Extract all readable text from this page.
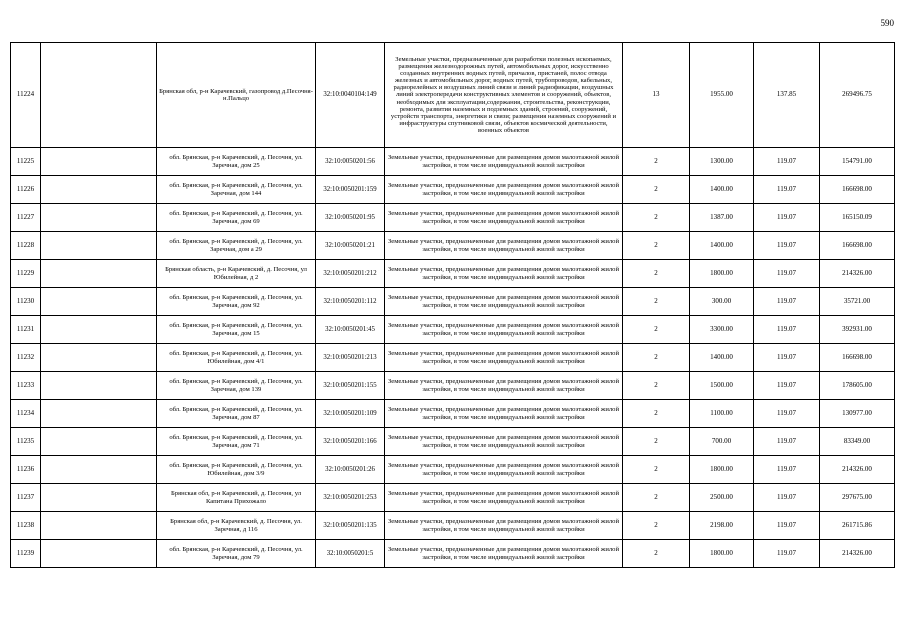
590
11224		Брянская обл, р-н Карачевский, газопровод д.Песочня- н.Пальцо	32:10:0040104:149	Земельные участки, предназначенные для разработки полезных ископаемых, размещения железнодорожных путей, автомобильных дорог, искусственно созданных внутренних водных путей, причалов, пристаней, полос отвода железных и автомобильных дорог, водных путей, трубопроводов, кабельных, радиорелейных и воздушных линий связи и линий радиофикации, воздушных линий электропередачи конструктивных элементов и сооружений, объектов, необходимых для эксплуатации,содержания, строительства, реконструкции, ремонта, развития наземных и подземных зданий, строений, сооружений, устройств транспорта, энергетики и связи; размещения наземных сооружений и инфраструктуры спутниковой связи, объектов космической деятельности, военных объектов	13	1955.00	137.85	269496.75
11225		обл. Брянская, р-н Карачевский, д. Песочня, ул. Заречная, дом 25	32:10:0050201:56	Земельные участки, предназначенные для размещения домов малоэтажной жилой застройки, в том числе индивидуальной жилой застройки	2	1300.00	119.07	154791.00
11226		обл. Брянская, р-н Карачевский, д. Песочня, ул. Заречная, дом 144	32:10:0050201:159	Земельные участки, предназначенные для размещения домов малоэтажной жилой застройки, в том числе индивидуальной жилой застройки	2	1400.00	119.07	166698.00
11227		обл. Брянская, р-н Карачевский, д. Песочня, ул. Заречная, дом 69	32:10:0050201:95	Земельные участки, предназначенные для размещения домов малоэтажной жилой застройки, в том числе индивидуальной жилой застройки	2	1387.00	119.07	165150.09
11228		обл. Брянская, р-н Карачевский, д. Песочня, ул. Заречная, дом а 29	32:10:0050201:21	Земельные участки, предназначенные для размещения домов малоэтажной жилой застройки, в том числе индивидуальной жилой застройки	2	1400.00	119.07	166698.00
11229		Брянская область, р-н Карачевский, д. Песочня, ул Юбилейная, д 2	32:10:0050201:212	Земельные участки, предназначенные для размещения домов малоэтажной жилой застройки, в том числе индивидуальной жилой застройки	2	1800.00	119.07	214326.00
11230		обл. Брянская, р-н Карачевский, д. Песочня, ул. Заречная, дом 92	32:10:0050201:112	Земельные участки, предназначенные для размещения домов малоэтажной жилой застройки, в том числе индивидуальной жилой застройки	2	300.00	119.07	35721.00
11231		обл. Брянская, р-н Карачевский, д. Песочня, ул. Заречная, дом 15	32:10:0050201:45	Земельные участки, предназначенные для размещения домов малоэтажной жилой застройки, в том числе индивидуальной жилой застройки	2	3300.00	119.07	392931.00
11232		обл. Брянская, р-н Карачевский, д. Песочня, ул. Юбилейная, дом 4/1	32:10:0050201:213	Земельные участки, предназначенные для размещения домов малоэтажной жилой застройки, в том числе индивидуальной жилой застройки	2	1400.00	119.07	166698.00
11233		обл. Брянская, р-н Карачевский, д. Песочня, ул. Заречная, дом 139	32:10:0050201:155	Земельные участки, предназначенные для размещения домов малоэтажной жилой застройки, в том числе индивидуальной жилой застройки	2	1500.00	119.07	178605.00
11234		обл. Брянская, р-н Карачевский, д. Песочня, ул. Заречная, дом 87	32:10:0050201:109	Земельные участки, предназначенные для размещения домов малоэтажной жилой застройки, в том числе индивидуальной жилой застройки	2	1100.00	119.07	130977.00
11235		обл. Брянская, р-н Карачевский, д. Песочня, ул. Заречная, дом 71	32:10:0050201:166	Земельные участки, предназначенные для размещения домов малоэтажной жилой застройки, в том числе индивидуальной жилой застройки	2	700.00	119.07	83349.00
11236		обл. Брянская, р-н Карачевский, д. Песочня, ул. Юбилейная, дом 3/9	32:10:0050201:26	Земельные участки, предназначенные для размещения домов малоэтажной жилой застройки, в том числе индивидуальной жилой застройки	2	1800.00	119.07	214326.00
11237		Брянская обл, р-н Карачевский, д. Песочня, ул Капитана Прихожало	32:10:0050201:253	Земельные участки, предназначенные для размещения домов малоэтажной жилой застройки, в том числе индивидуальной жилой застройки	2	2500.00	119.07	297675.00
11238		Брянская обл, р-н Карачевский, д. Песочня, ул. Заречная, д 116	32:10:0050201:135	Земельные участки, предназначенные для размещения домов малоэтажной жилой застройки, в том числе индивидуальной жилой застройки	2	2198.00	119.07	261715.86
11239		обл. Брянская, р-н Карачевский, д. Песочня, ул. Заречная, дом 79	32:10:0050201:5	Земельные участки, предназначенные для размещения домов малоэтажной жилой застройки, в том числе индивидуальной жилой застройки	2	1800.00	119.07	214326.00
